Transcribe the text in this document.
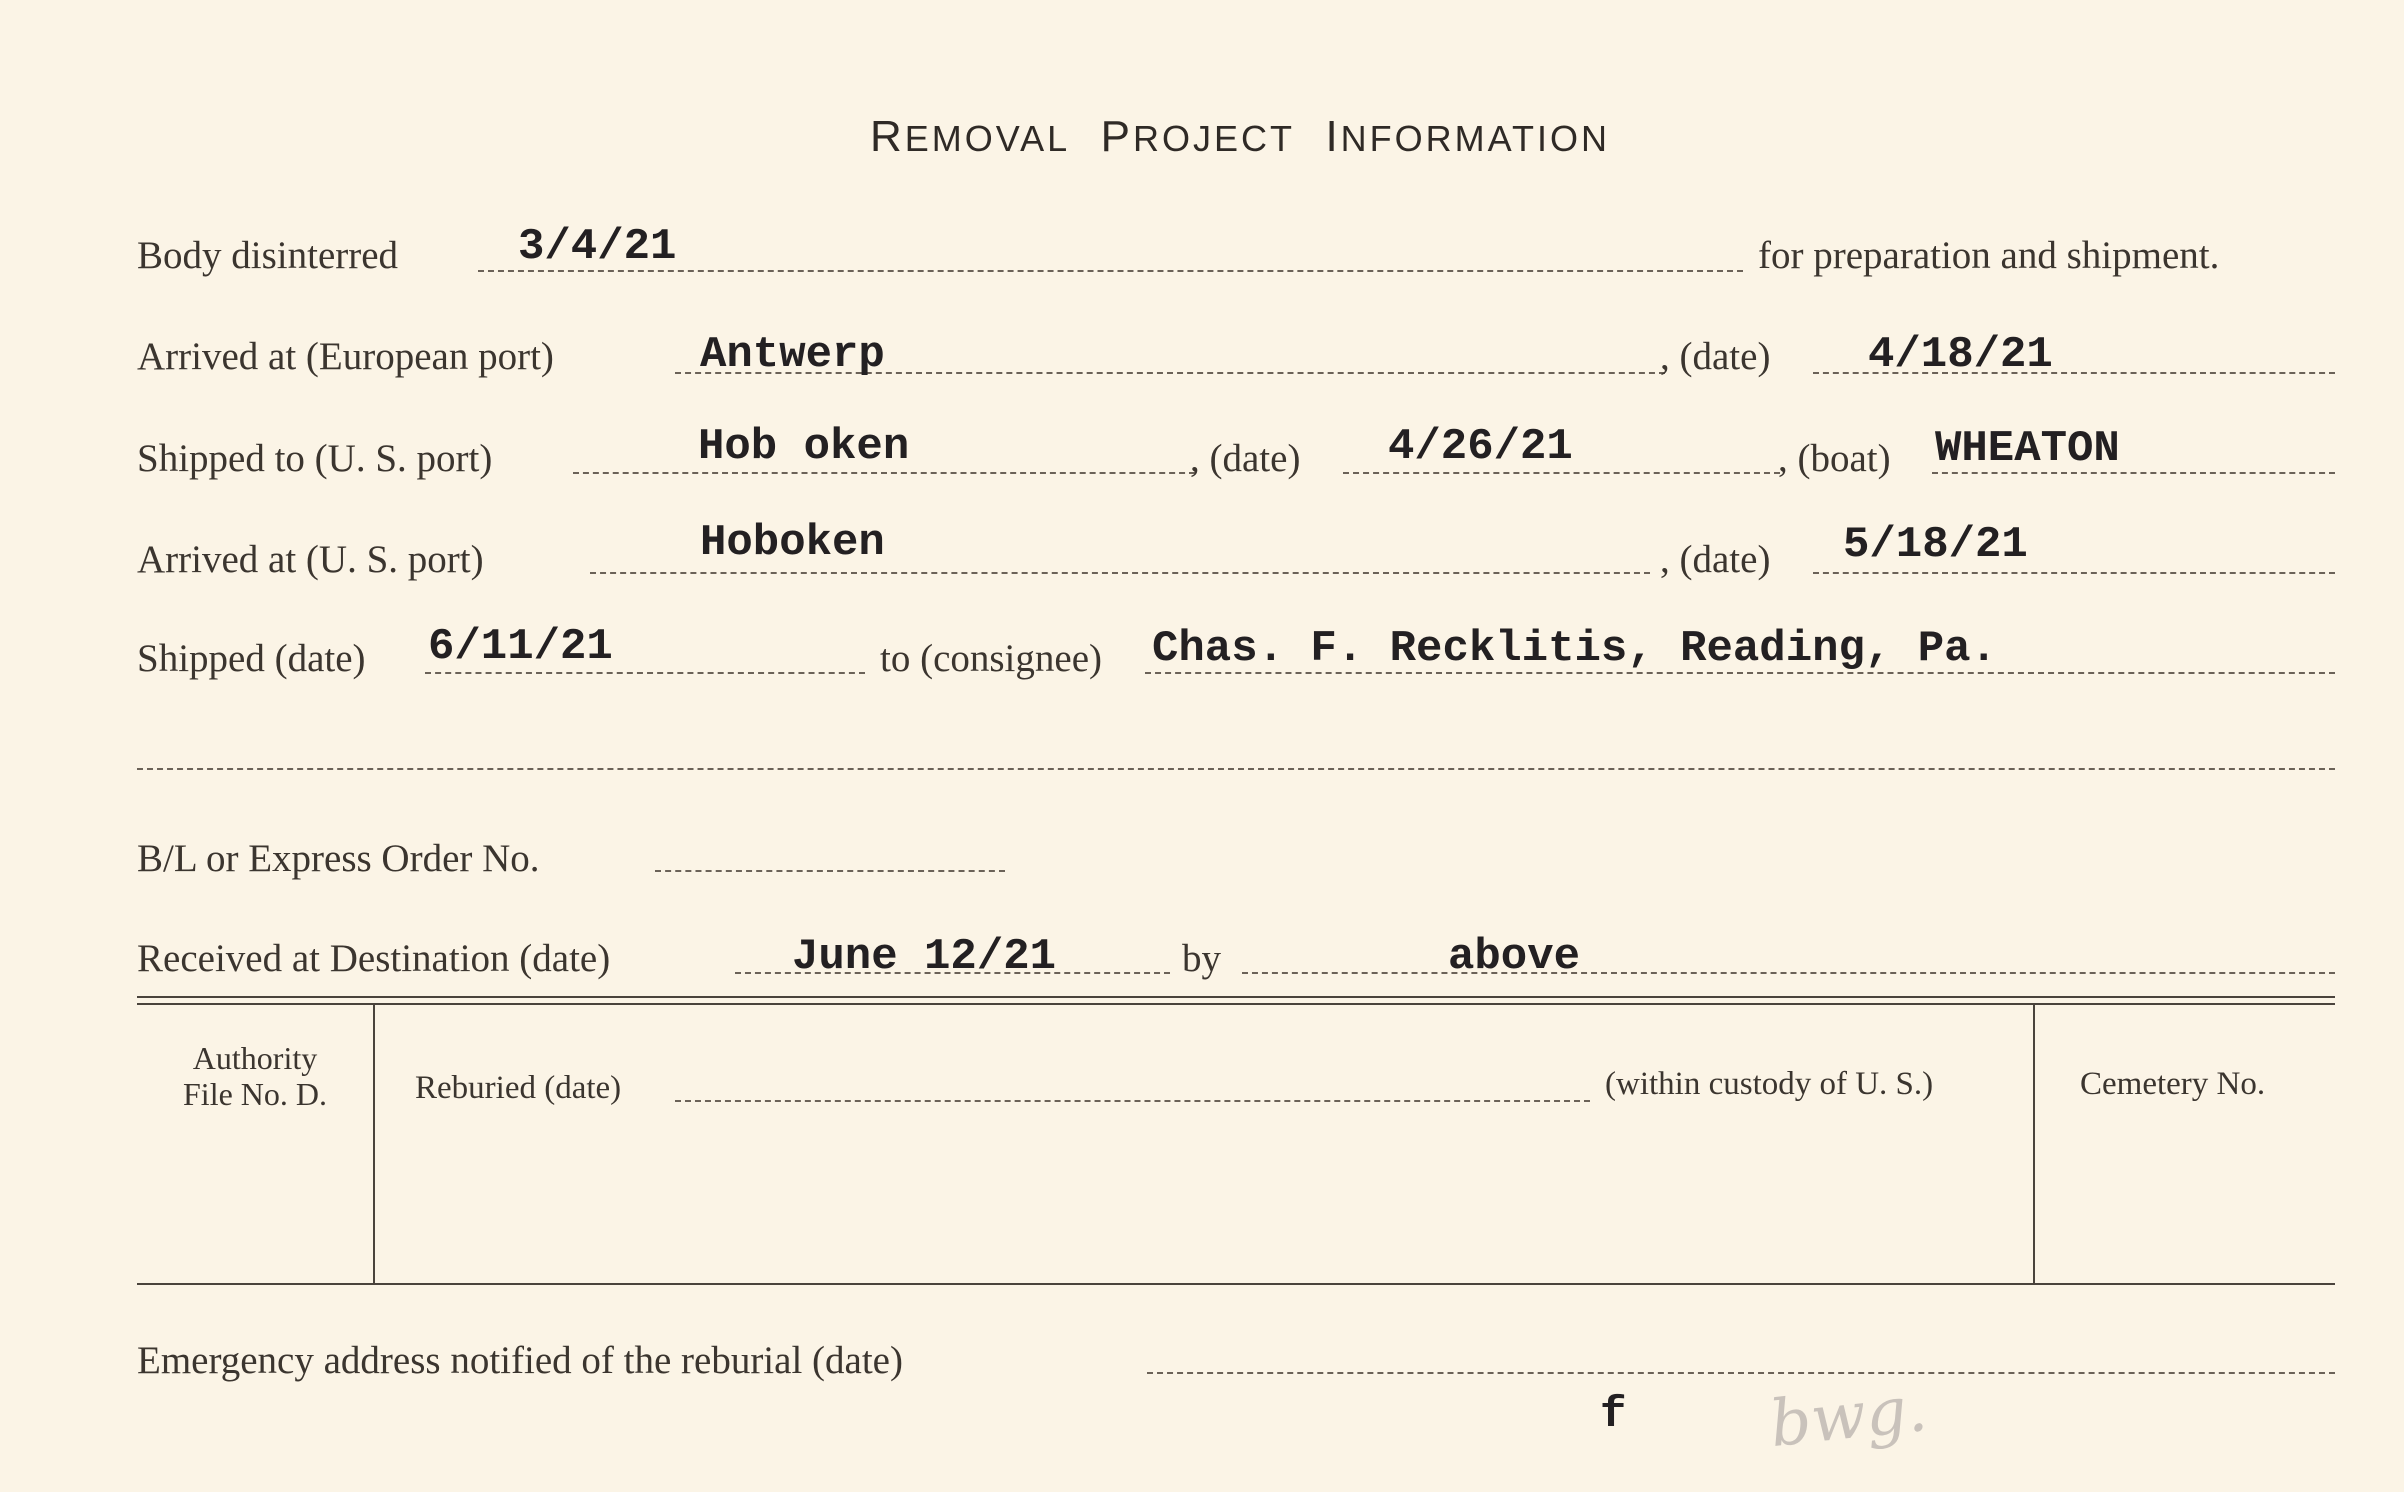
REMOVAL PROJECT INFORMATION
Body disinterred	3/4/21	for preparation and shipment.
Arrived at (European port)	Antwerp	, (date) 4/18/21
Shipped to (U. S. port)	Hob oken	, (date) 4/26/21	, (boat) WHEATON
Arrived at (U. S. port)	Hoboken	, (date) 5/18/21
Shipped (date) 6/11/21	to (consignee) Chas. F. Recklitis, Reading, Pa.
B/L or Express Order No.
Received at Destination (date)	June 12/21	by	above
Authority
File No. D.	Reburied (date)	(within custody of U. S.)	Cemetery No.
Emergency address notified of the reburial (date)
f bwg.
